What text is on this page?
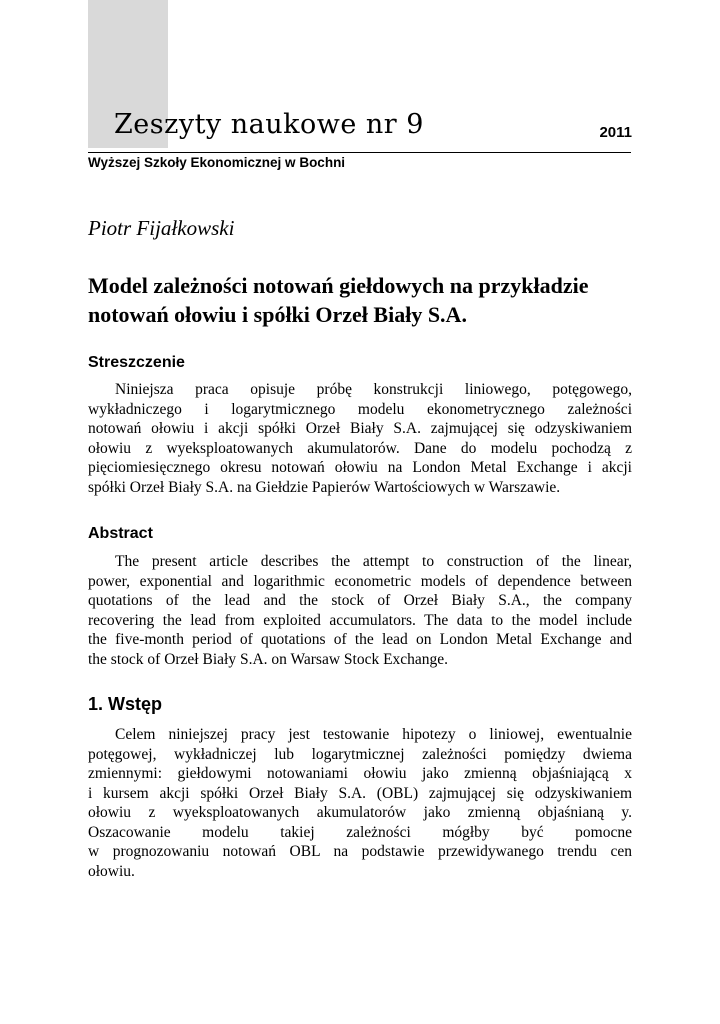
Zeszyty naukowe nr 9	2011
Wyższej Szkoły Ekonomicznej w Bochni
Piotr Fijałkowski
Model zależności notowań giełdowych na przykładzie
notowań ołowiu i spółki Orzeł Biały S.A.
Streszczenie
Niniejsza praca opisuje próbę konstrukcji liniowego, potęgowego,
wykładniczego i logarytmicznego modelu ekonometrycznego zależności
notowań ołowiu i akcji spółki Orzeł Biały S.A. zajmującej się odzyskiwaniem
ołowiu z wyeksploatowanych akumulatorów. Dane do modelu pochodzą z
pięciomiesięcznego okresu notowań ołowiu na London Metal Exchange i akcji
spółki Orzeł Biały S.A. na Giełdzie Papierów Wartościowych w Warszawie.
Abstract
The present article describes the attempt to construction of the linear,
power, exponential and logarithmic econometric models of dependence between
quotations of the lead and the stock of Orzeł Biały S.A., the company
recovering the lead from exploited accumulators. The data to the model include
the five-month period of quotations of the lead on London Metal Exchange and
the stock of Orzeł Biały S.A. on Warsaw Stock Exchange.
1. Wstęp
Celem niniejszej pracy jest testowanie hipotezy o liniowej, ewentualnie
potęgowej, wykładniczej lub logarytmicznej zależności pomiędzy dwiema
zmiennymi: giełdowymi notowaniami ołowiu jako zmienną objaśniającą x
i kursem akcji spółki Orzeł Biały S.A. (OBL) zajmującej się odzyskiwaniem
ołowiu z wyeksploatowanych akumulatorów jako zmienną objaśnianą y.
Oszacowanie modelu takiej zależności mógłby być pomocne
w prognozowaniu notowań OBL na podstawie przewidywanego trendu cen
ołowiu.
